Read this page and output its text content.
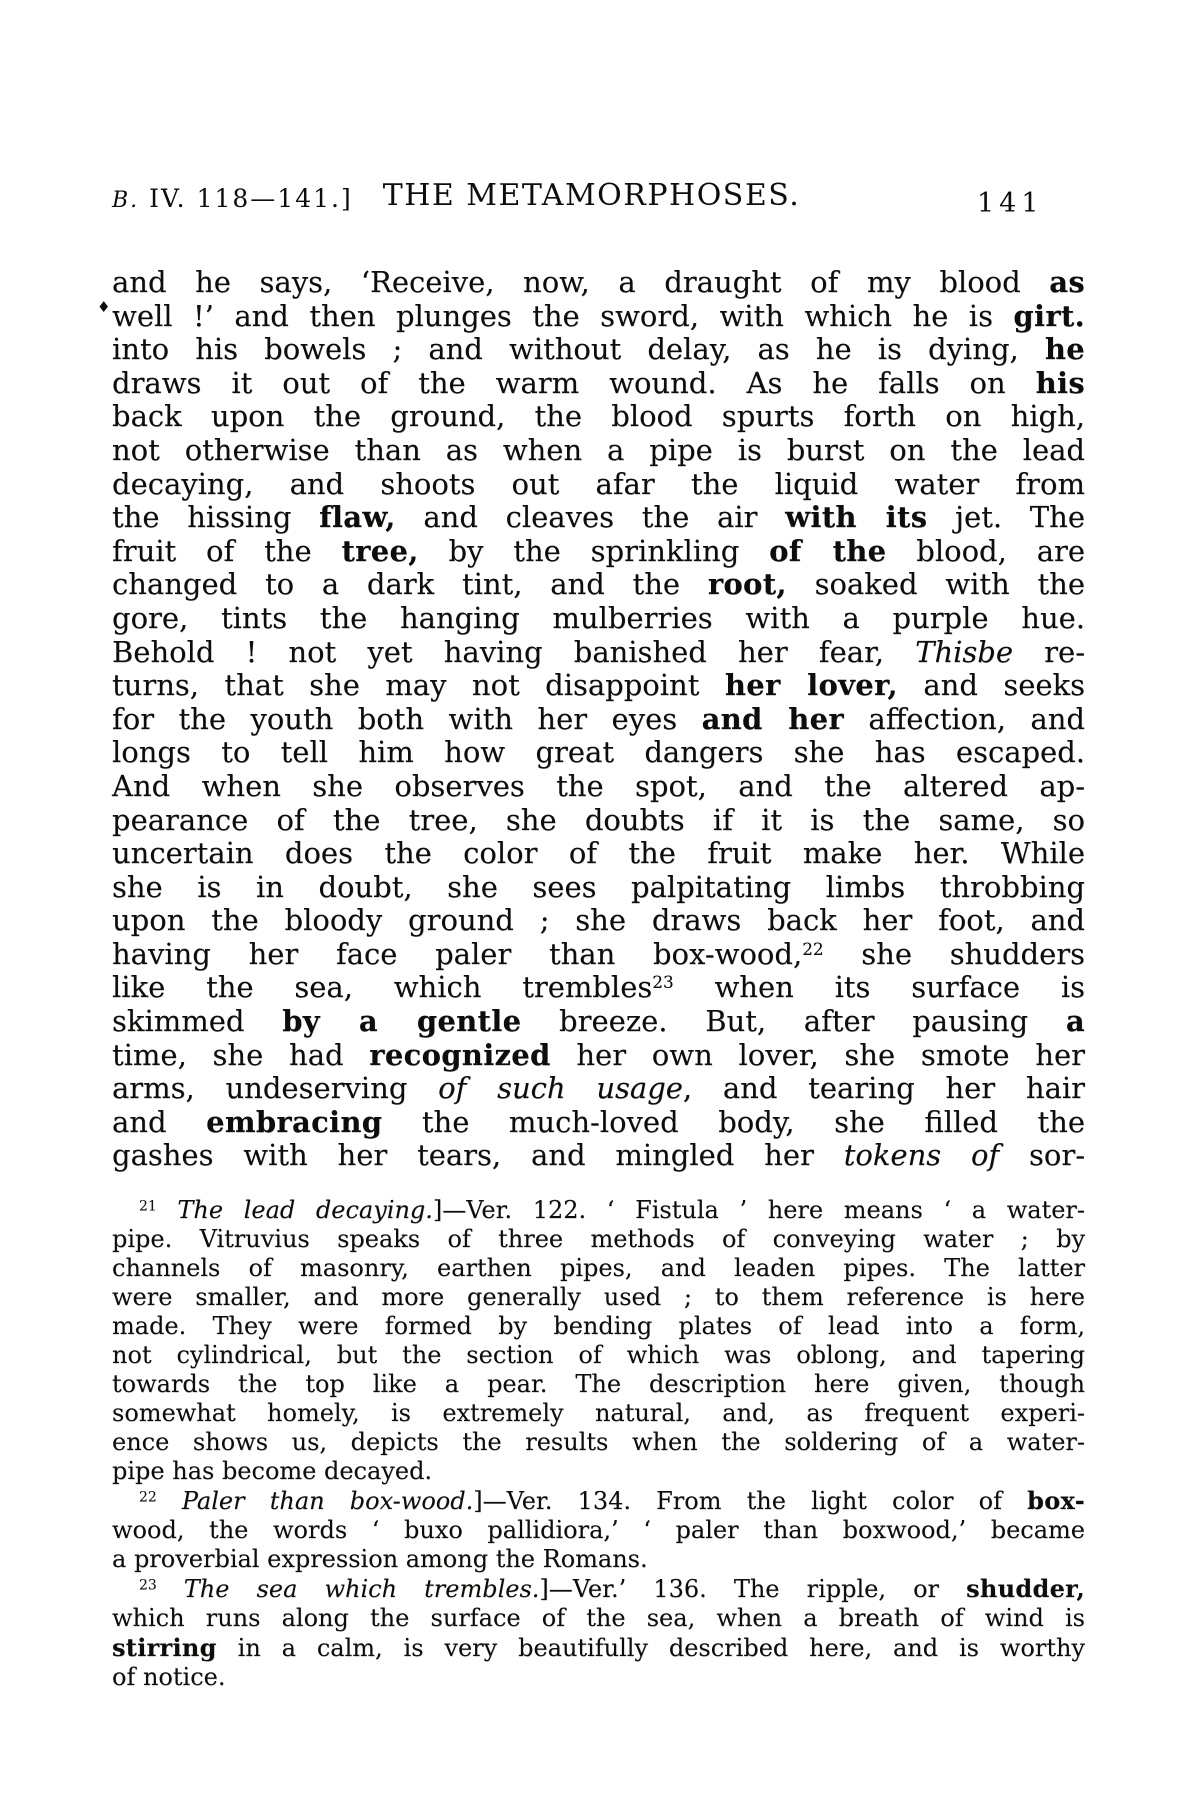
B. IV. 118—141.] THE METAMORPHOSES.	141
♦
and he says, ‘Receive, now, a draught of my blood as
well !’ and then plunges the sword, with which he is girt.
into his bowels ; and without delay, as he is dying, he
draws it out of the warm wound. As he falls on his
back upon the ground, the blood spurts forth on high,
not otherwise than as when a pipe is burst on the lead
decaying, and shoots out afar the liquid water from
the hissing flaw, and cleaves the air with its jet. The
fruit of the tree, by the sprinkling of the blood, are
changed to a dark tint, and the root, soaked with the
gore, tints the hanging mulberries with a purple hue.
Behold ! not yet having banished her fear, Thisbe re-
turns, that she may not disappoint her lover, and seeks
for the youth both with her eyes and her affection, and
longs to tell him how great dangers she has escaped.
And when she observes the spot, and the altered ap-
pearance of the tree, she doubts if it is the same, so
uncertain does the color of the fruit make her. While
she is in doubt, she sees palpitating limbs throbbing
upon the bloody ground ; she draws back her foot, and
having her face paler than box-wood,$^{22}$ she shudders
like the sea, which trembles$^{23}$ when its surface is
skimmed by a gentle breeze. But, after pausing a
time, she had recognized her own lover, she smote her
arms, undeserving of such usage, and tearing her hair
and embracing the much-loved body, she filled the
gashes with her tears, and mingled her tokens of sor-
$^{21}$ The lead decaying.]—Ver. 122. ‘ Fistula ’ here means ‘ a water-
pipe. Vitruvius speaks of three methods of conveying water ; by
channels of masonry, earthen pipes, and leaden pipes. The latter
were smaller, and more generally used ; to them reference is here
made. They were formed by bending plates of lead into a form,
not cylindrical, but the section of which was oblong, and tapering
towards the top like a pear. The description here given, though
somewhat homely, is extremely natural, and, as frequent experi-
ence shows us, depicts the results when the soldering of a water-
pipe has become decayed.
$^{22}$ Paler than box-wood.]—Ver. 134. From the light color of box-
wood, the words ‘ buxo pallidiora,’ ‘ paler than boxwood,’ became
a proverbial expression among the Romans.
$^{23}$ The sea which trembles.]—Ver.’ 136. The ripple, or shudder,
which runs along the surface of the sea, when a breath of wind is
stirring in a calm, is very beautifully described here, and is worthy
of notice.
